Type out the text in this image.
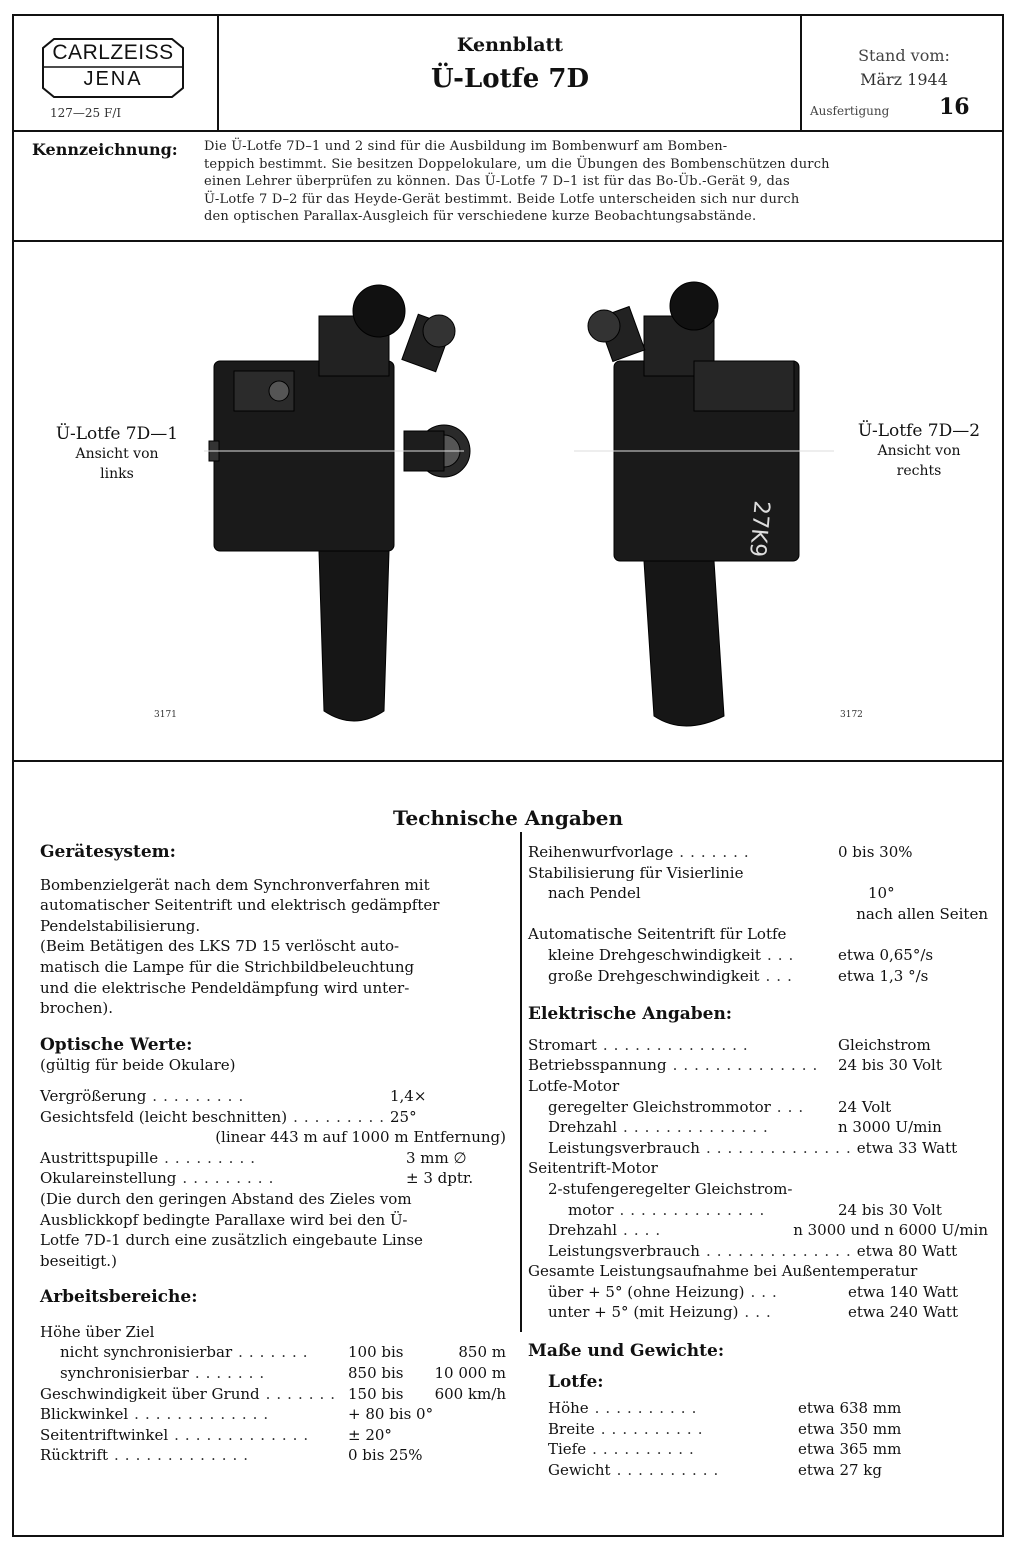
CARLZEISS
JENA
127—25 F/I
Kennblatt
Ü-Lotfe 7D
Stand vom:
März 1944
Ausfertigung 16
Kennzeichnung: Die Ü-Lotfe 7D–1 und 2 sind für die Ausbildung im Bombenwurf am Bomben-
teppich bestimmt. Sie besitzen Doppelokulare, um die Übungen des Bombenschützen durch
einen Lehrer überprüfen zu können. Das Ü-Lotfe 7 D–1 ist für das Bo-Üb.-Gerät 9, das
Ü-Lotfe 7 D–2 für das Heyde-Gerät bestimmt. Beide Lotfe unterscheiden sich nur durch
den optischen Parallax-Ausgleich für verschiedene kurze Beobachtungsabstände.
27K9
Ü-Lotfe 7D—1
Ansicht von
links
Ü-Lotfe 7D—2
Ansicht von
rechts
3171	3172
Technische Angaben

Gerätesystem:

Bombenzielgerät nach dem Synchronverfahren mit
automatischer Seitentrift und elektrisch gedämpfter
Pendelstabilisierung.
(Beim Betätigen des LKS 7D 15 verlöscht auto-
matisch die Lampe für die Strichbildbeleuchtung
und die elektrische Pendeldämpfung wird unter-
brochen).

Optische Werte:

(gültig für beide Okulare)

Vergrößerung .........	1,4×
Gesichtsfeld (leicht beschnitten) ......... 25°
(linear 443 m auf 1000 m Entfernung)
Austrittspupille .........	3 mm ∅
Okulareinstellung .........	± 3 dptr.
(Die durch den geringen Abstand des Zieles vom
Ausblickkopf bedingte Parallaxe wird bei den Ü-
Lotfe 7D-1 durch eine zusätzlich eingebaute Linse
beseitigt.)

Arbeitsbereiche:

Höhe über Ziel

nicht synchronisierbar .......	100 bis	850 m
synchronisierbar .......	850 bis	10 000 m
Geschwindigkeit über Grund ....... 150 bis	600 km/h
Blickwinkel .............	+ 80 bis 0°
Seitentriftwinkel .............	± 20°
Rücktrift .............	0 bis 25%
Reihenwurfvorlage .......	0 bis 30%

Stabilisierung für Visierlinie

nach Pendel	10°
nach allen Seiten

Automatische Seitentrift für Lotfe

kleine Drehgeschwindigkeit ...	etwa 0,65°/s
große Drehgeschwindigkeit ...	etwa 1,3 °/s

Elektrische Angaben:

Stromart ..............	Gleichstrom
Betriebsspannung .............. 24 bis 30 Volt

Lotfe-Motor

geregelter Gleichstrommotor ...	24 Volt
Drehzahl ..............	n 3000 U/min
Leistungsverbrauch .............. etwa 33 Watt

Seitentrift-Motor

2-stufengeregelter Gleichstrom-

motor ..............	24 bis 30 Volt
Drehzahl ....	n 3000 und n 6000 U/min
Leistungsverbrauch .............. etwa 80 Watt

Gesamte Leistungsaufnahme bei Außentemperatur

über + 5° (ohne Heizung) ...	etwa 140 Watt
unter + 5° (mit Heizung) ...	etwa 240 Watt

Maße und Gewichte:

Lotfe:

Höhe ..........	etwa 638 mm
Breite ..........	etwa 350 mm
Tiefe ..........	etwa 365 mm
Gewicht ..........	etwa 27 kg
